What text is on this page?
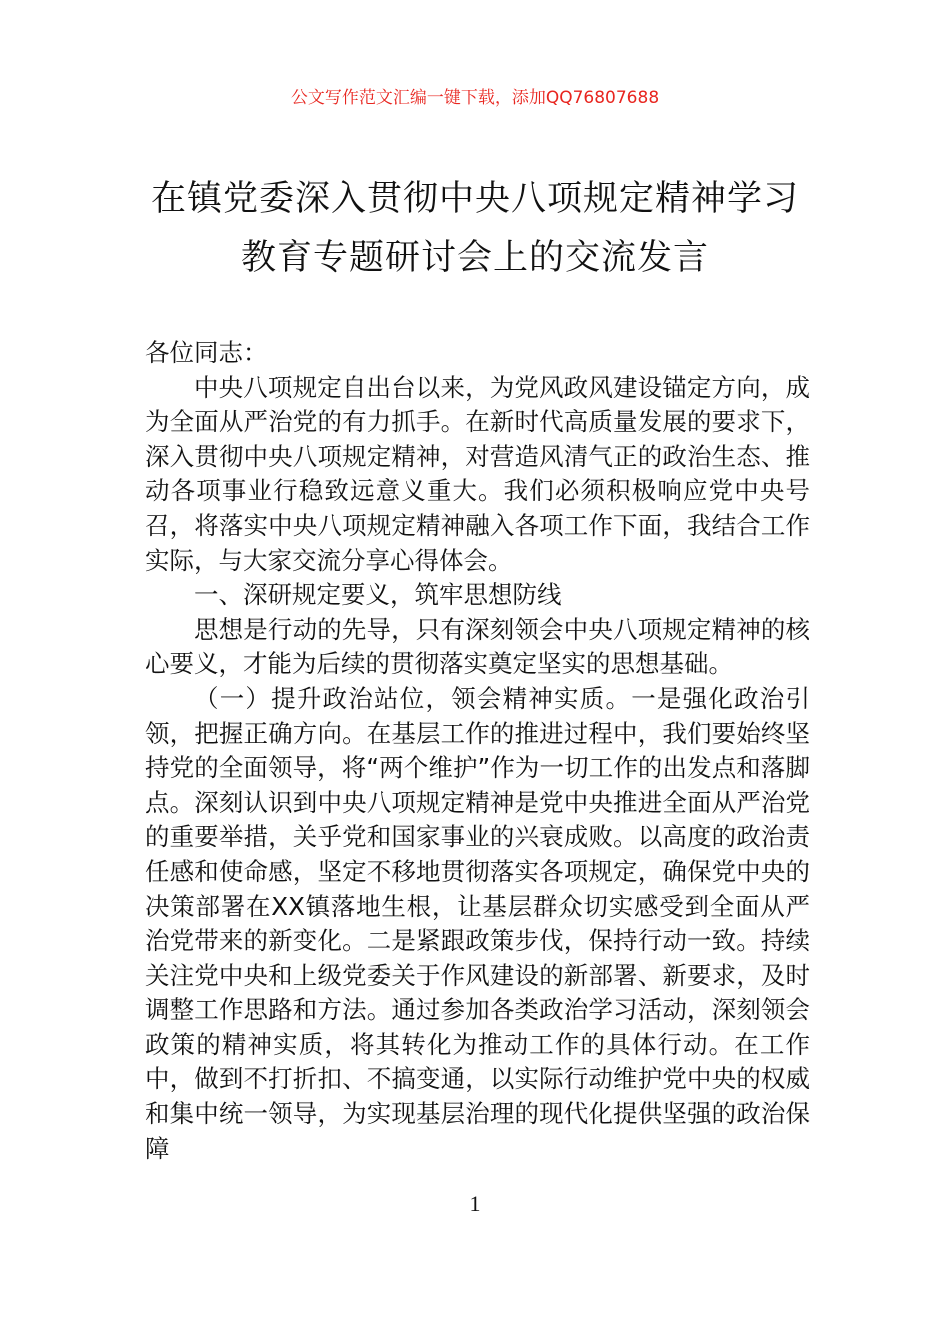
公文写作范文汇编一键下载，添加QQ76807688
在镇党委深入贯彻中央八项规定精神学习
教育专题研讨会上的交流发言

各位同志：

中央八项规定自出台以来，为党风政风建设锚定方向，成为全面从严治党的有力抓手。在新时代高质量发展的要求下，深入贯彻中央八项规定精神，对营造风清气正的政治生态、推动各项事业行稳致远意义重大。我们必须积极响应党中央号召，将落实中央八项规定精神融入各项工作下面，我结合工作实际，与大家交流分享心得体会。

一、深研规定要义，筑牢思想防线

思想是行动的先导，只有深刻领会中央八项规定精神的核心要义，才能为后续的贯彻落实奠定坚实的思想基础。

（一）提升政治站位，领会精神实质。一是强化政治引领，把握正确方向。在基层工作的推进过程中，我们要始终坚持党的全面领导，将“两个维护”作为一切工作的出发点和落脚点。深刻认识到中央八项规定精神是党中央推进全面从严治党的重要举措，关乎党和国家事业的兴衰成败。以高度的政治责任感和使命感，坚定不移地贯彻落实各项规定，确保党中央的决策部署在XX镇落地生根，让基层群众切实感受到全面从严治党带来的新变化。二是紧跟政策步伐，保持行动一致。持续关注党中央和上级党委关于作风建设的新部署、新要求，及时调整工作思路和方法。通过参加各类政治学习活动，深刻领会政策的精神实质，将其转化为推动工作的具体行动。在工作中，做到不打折扣、不搞变通，以实际行动维护党中央的权威和集中统一领导，为实现基层治理的现代化提供坚强的政治保障

1
